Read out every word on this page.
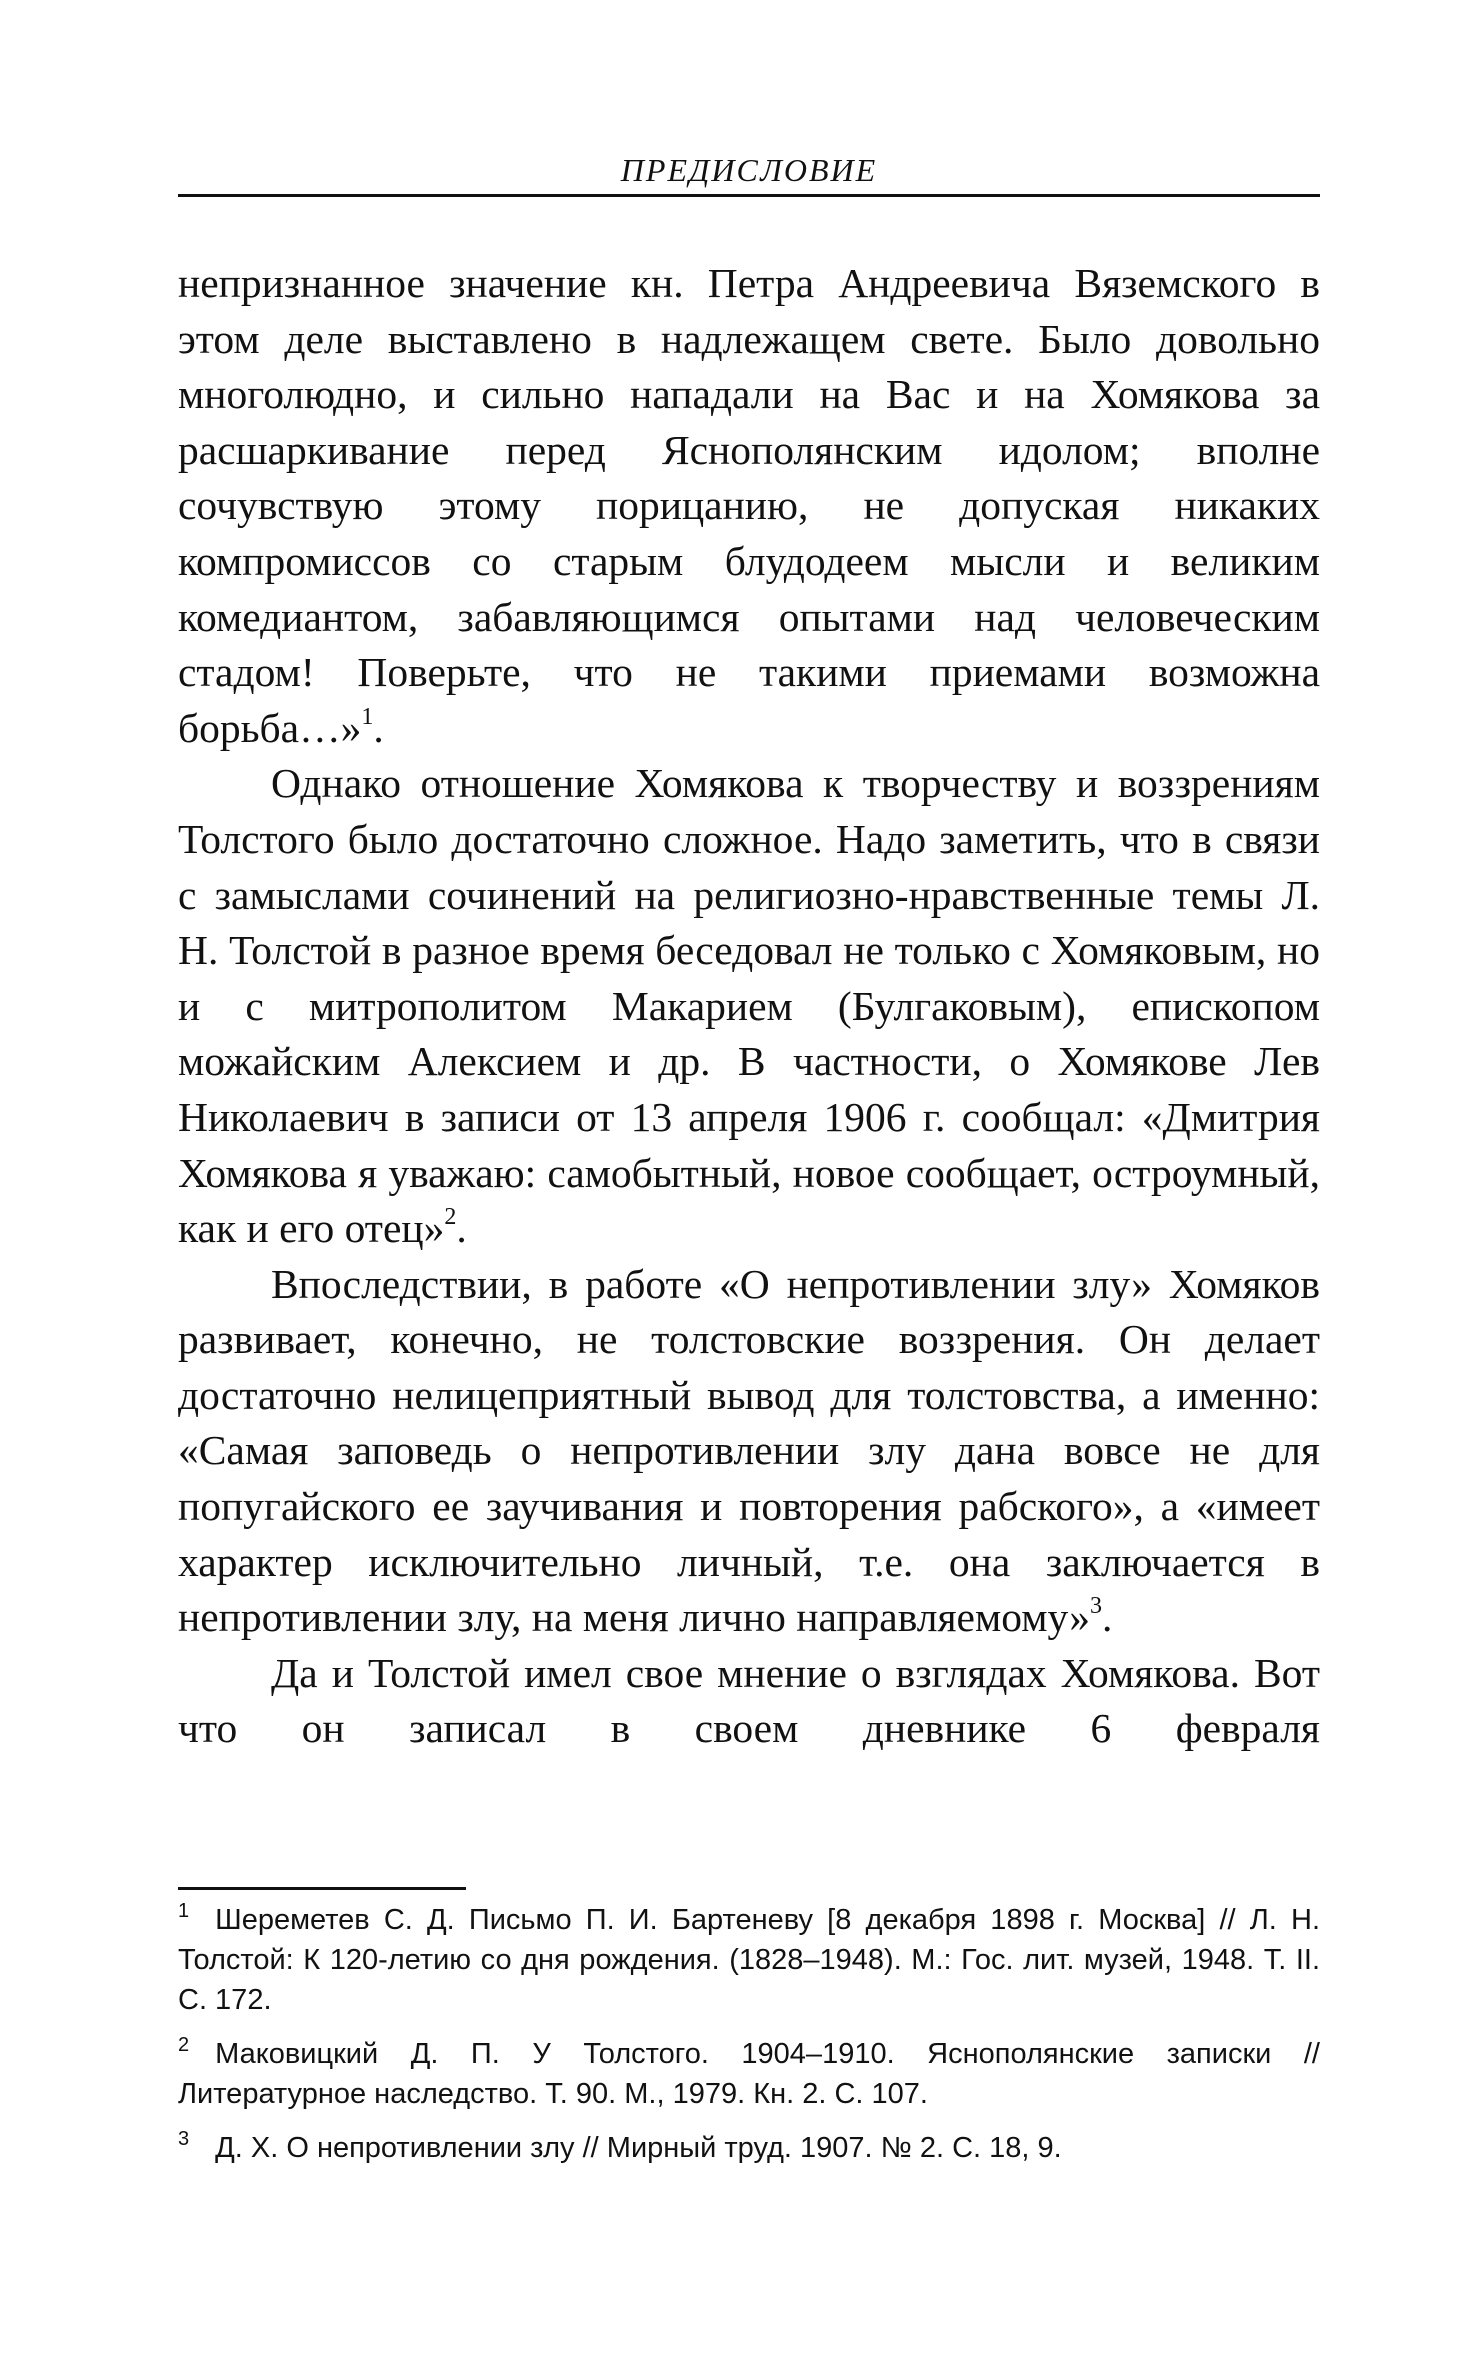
ПРЕДИСЛОВИЕ

непризнанное значение кн. Петра Андреевича Вяземского в этом деле выставлено в надлежащем свете. Было довольно многолюдно, и сильно нападали на Вас и на Хомякова за расшаркивание перед Яснополянским идолом; вполне сочувствую этому порицанию, не допуская никаких компромиссов со старым блудодеем мысли и великим комедиантом, забавляющимся опытами над человеческим стадом! Поверьте, что не такими приемами возможна борьба…»$^1$.

Однако отношение Хомякова к творчеству и воззрениям Толстого было достаточно сложное. Надо заметить, что в связи с замыслами сочинений на религиозно-нравственные темы Л. Н. Толстой в разное время беседовал не только с Хомяковым, но и с митрополитом Макарием (Булгаковым), епископом можайским Алексием и др. В частности, о Хомякове Лев Николаевич в записи от 13 апреля 1906 г. сообщал: «Дмитрия Хомякова я уважаю: самобытный, новое сообщает, остроумный, как и его отец»$^2$.

Впоследствии, в работе «О непротивлении злу» Хомяков развивает, конечно, не толстовские воззрения. Он делает достаточно нелицеприятный вывод для толстовства, а именно: «Самая заповедь о непротивлении злу дана вовсе не для попугайского ее заучивания и повторения рабского», а «имеет характер исключительно личный, т.е. она заключается в непротивлении злу, на меня лично направляемому»$^3$.

Да и Толстой имел свое мнение о взглядах Хомякова. Вот что он записал в своем дневнике 6 февраля

$^1$ Шереметев С. Д. Письмо П. И. Бартеневу [8 декабря 1898 г. Москва] // Л. Н. Толстой: К 120-летию со дня рождения. (1828–1948). М.: Гос. лит. музей, 1948. Т. II. С. 172.

$^2$ Маковицкий Д. П. У Толстого. 1904–1910. Яснополянские записки // Литературное наследство. Т. 90. М., 1979. Кн. 2. С. 107.

$^3$ Д. Х. О непротивлении злу // Мирный труд. 1907. № 2. С. 18, 9.
